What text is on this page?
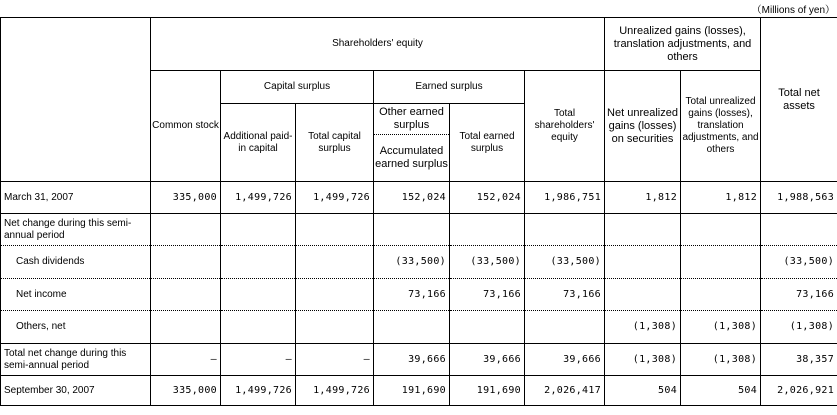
（Millions of yen）
	Shareholders' equity						Unrealized gains (losses), translation adjustments, and others		Total net assets
	Common stock	Capital surplus		Earned surplus		Total shareholders' equity	Net unrealized gains (losses) on securities	Total unrealized gains (losses), translation adjustments, and others	
		Additional paid-in capital	Total capital surplus	Other earned surplus	Total earned surplus				
				Accumulated earned surplus					
March 31, 2007	335,000	1,499,726	1,499,726	152,024	152,024	1,986,751	1,812	1,812	1,988,563
Net change during this semi-annual period									
Cash dividends				(33,500)	(33,500)	(33,500)			(33,500)
Net income				73,166	73,166	73,166			73,166
Others, net							(1,308)	(1,308)	(1,308)
Total net change during this semi-annual period	–	–	–	39,666	39,666	39,666	(1,308)	(1,308)	38,357
September 30, 2007	335,000	1,499,726	1,499,726	191,690	191,690	2,026,417	504	504	2,026,921
